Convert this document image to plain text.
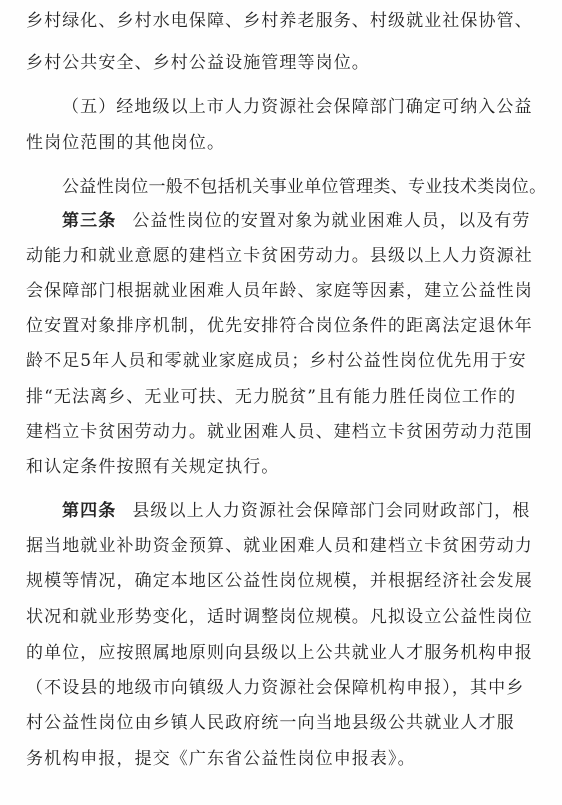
乡村绿化、乡村水电保障、乡村养老服务、村级就业社保协管、
乡村公共安全、乡村公益设施管理等岗位。
（五）经地级以上市人力资源社会保障部门确定可纳入公益
性岗位范围的其他岗位。
公益性岗位一般不包括机关事业单位管理类、专业技术类岗位。
第三条 公益性岗位的安置对象为就业困难人员，以及有劳
动能力和就业意愿的建档立卡贫困劳动力。县级以上人力资源社
会保障部门根据就业困难人员年龄、家庭等因素，建立公益性岗
位安置对象排序机制，优先安排符合岗位条件的距离法定退休年
龄不足5年人员和零就业家庭成员；乡村公益性岗位优先用于安
排“无法离乡、无业可扶、无力脱贫”且有能力胜任岗位工作的
建档立卡贫困劳动力。就业困难人员、建档立卡贫困劳动力范围
和认定条件按照有关规定执行。
第四条 县级以上人力资源社会保障部门会同财政部门，根
据当地就业补助资金预算、就业困难人员和建档立卡贫困劳动力
规模等情况，确定本地区公益性岗位规模，并根据经济社会发展
状况和就业形势变化，适时调整岗位规模。凡拟设立公益性岗位
的单位，应按照属地原则向县级以上公共就业人才服务机构申报
（不设县的地级市向镇级人力资源社会保障机构申报），其中乡
村公益性岗位由乡镇人民政府统一向当地县级公共就业人才服
务机构申报，提交《广东省公益性岗位申报表》。
